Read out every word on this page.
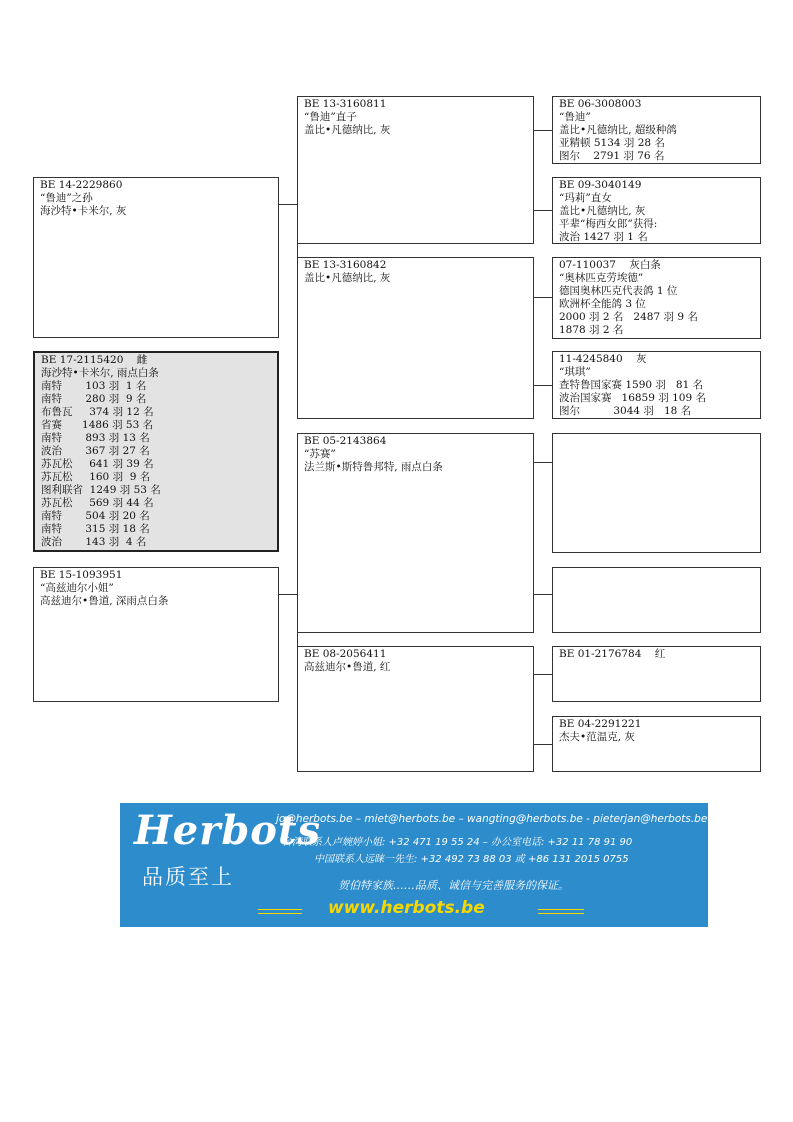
BE 17-2115420    雌
海沙特•卡米尔, 雨点白条
南特       103 羽  1 名
南特       280 羽  9 名
布鲁瓦     374 羽 12 名
省赛      1486 羽 53 名
南特       893 羽 13 名
波治       367 羽 27 名
苏瓦松     641 羽 39 名
苏瓦松     160 羽  9 名
图利联省  1249 羽 53 名
苏瓦松     569 羽 44 名
南特       504 羽 20 名
南特       315 羽 18 名
波治       143 羽  4 名
BE 14-2229860
“鲁迪”之孙
海沙特•卡米尔, 灰
BE 15-1093951
“高兹迪尔小姐”
高兹迪尔•鲁道, 深雨点白条
BE 13-3160811
“鲁迪”直子
盖比•凡德纳比, 灰
BE 13-3160842
盖比•凡德纳比, 灰
BE 05-2143864
“苏赛”
法兰斯•斯特鲁邦特, 雨点白条
BE 08-2056411
高兹迪尔•鲁道, 红
BE 06-3008003
“鲁迪”
盖比•凡德纳比, 超级种鸽
亚精顿 5134 羽 28 名
图尔    2791 羽 76 名
BE 09-3040149
“玛莉”直女
盖比•凡德纳比, 灰
平辈“梅西女郎”获得:
波治 1427 羽 1 名
07-110037    灰白条
“奥林匹克劳埃德”
德国奥林匹克代表鸽 1 位
欧洲杯全能鸽 3 位
2000 羽 2 名   2487 羽 9 名
1878 羽 2 名
11-4245840    灰
“琪琪”
查特鲁国家赛 1590 羽   81 名
波治国家赛   16859 羽 109 名
图尔          3044 羽   18 名
BE 01-2176784    红
BE 04-2291221
杰夫•范温克, 灰
Herbots
品质至上
jo@herbots.be – miet@herbots.be – wangting@herbots.be - pieterjan@herbots.be
台湾联系人卢婉婷小姐: +32 471 19 55 24 – 办公室电话: +32 11 78 91 90
中国联系人远睐一先生: +32 492 73 88 03 或 +86 131 2015 0755
贺伯特家族……品质、诚信与完善服务的保证。
www.herbots.be
